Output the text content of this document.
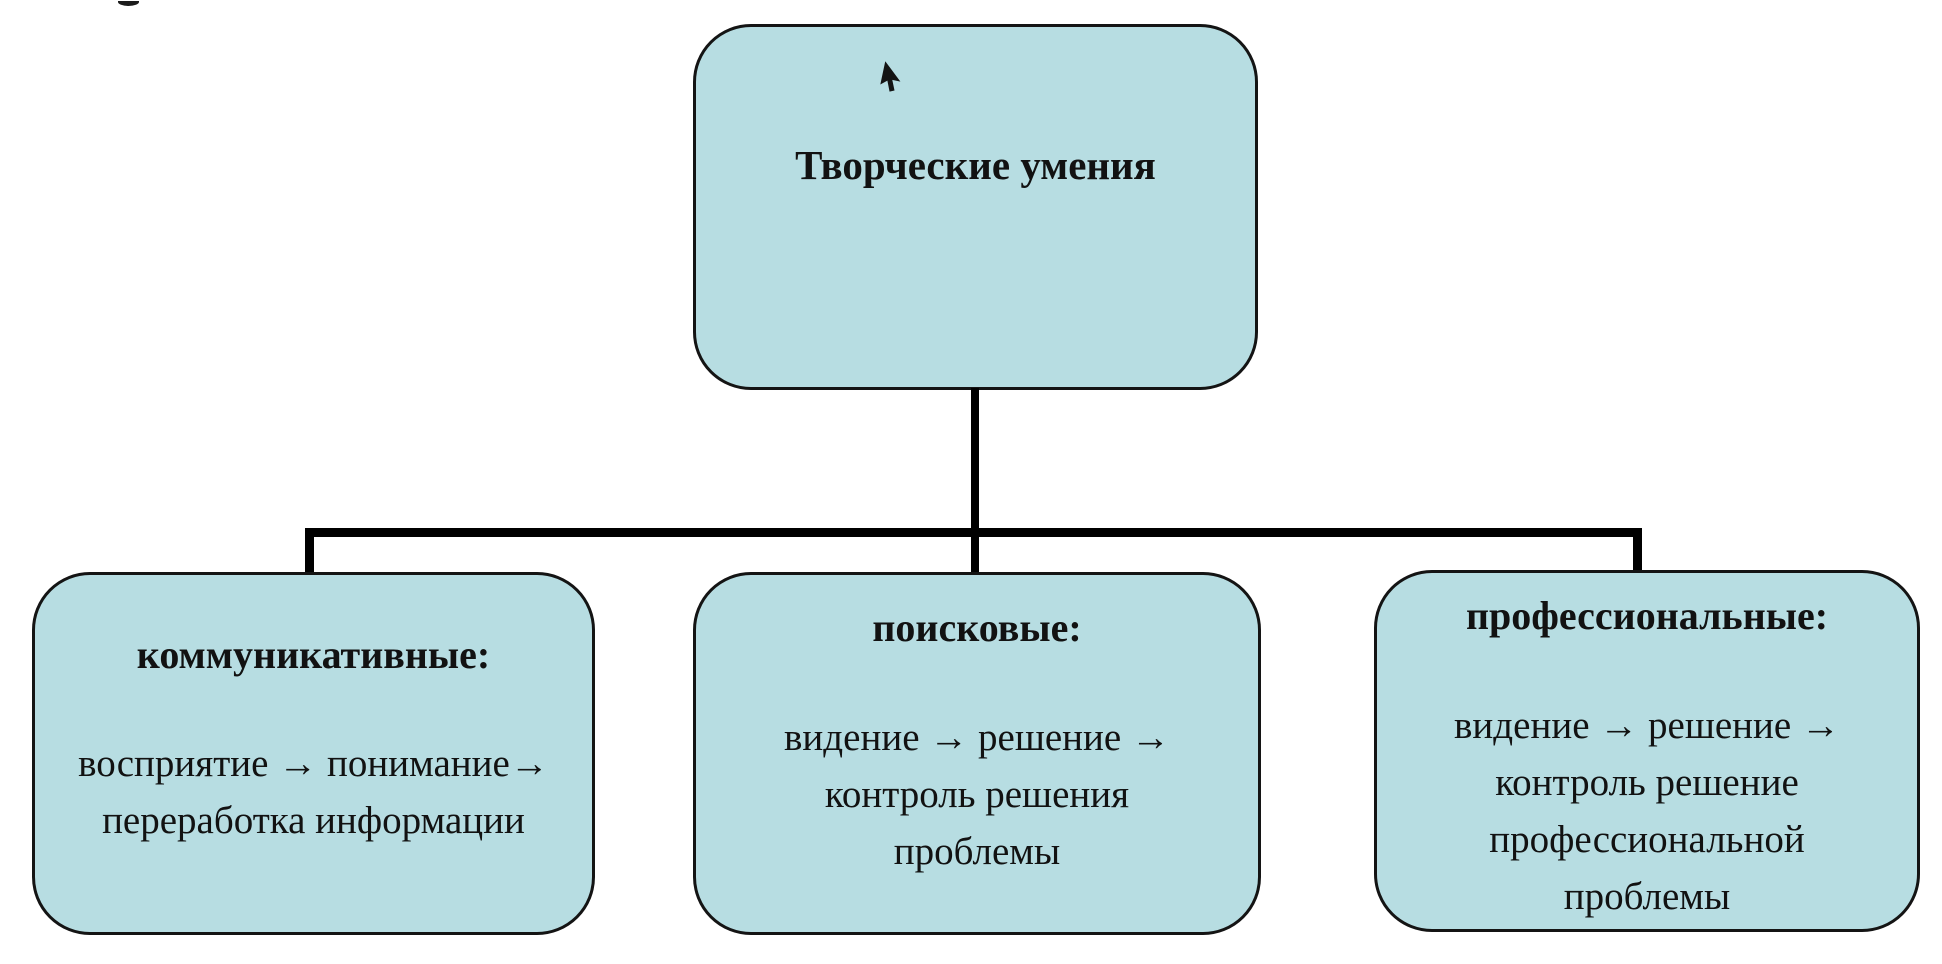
Творческие умения
коммуникативные:
восприятие → понимание→
переработка информации
поисковые:
видение → решение →
контроль решения
проблемы
профессиональные:
видение → решение →
контроль решение
профессиональной
проблемы
